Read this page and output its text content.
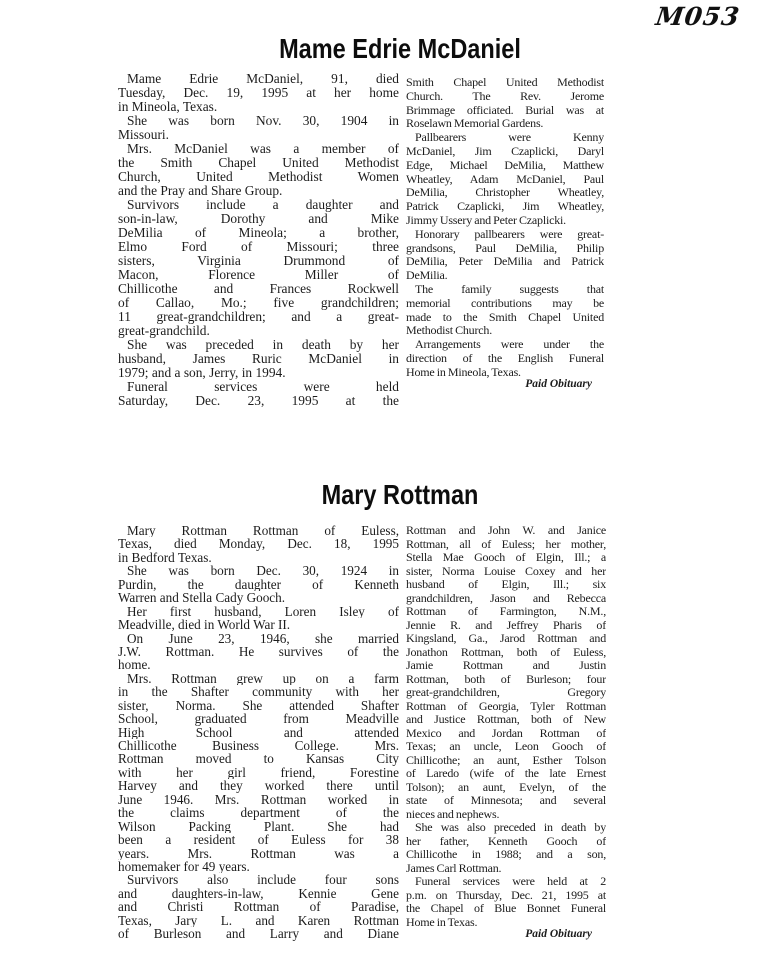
M053
Mame Edrie McDaniel
Mame Edrie McDaniel, 91, died
Tuesday, Dec. 19, 1995 at her home
in Mineola, Texas.
She was born Nov. 30, 1904 in
Missouri.
Mrs. McDaniel was a member of
the Smith Chapel United Methodist
Church, United Methodist Women
and the Pray and Share Group.
Survivors include a daughter and
son-in-law, Dorothy and Mike
DeMilia of Mineola; a brother,
Elmo Ford of Missouri; three
sisters, Virginia Drummond of
Macon, Florence Miller of
Chillicothe and Frances Rockwell
of Callao, Mo.; five grandchildren;
11 great-grandchildren; and a great-
great-grandchild.
She was preceded in death by her
husband, James Ruric McDaniel in
1979; and a son, Jerry, in 1994.
Funeral services were held
Saturday, Dec. 23, 1995 at the
Smith Chapel United Methodist
Church. The Rev. Jerome
Brimmage officiated. Burial was at
Roselawn Memorial Gardens.
Pallbearers were Kenny
McDaniel, Jim Czaplicki, Daryl
Edge, Michael DeMilia, Matthew
Wheatley, Adam McDaniel, Paul
DeMilia, Christopher Wheatley,
Patrick Czaplicki, Jim Wheatley,
Jimmy Ussery and Peter Czaplicki.
Honorary pallbearers were great-
grandsons, Paul DeMilia, Philip
DeMilia, Peter DeMilia and Patrick
DeMilia.
The family suggests that
memorial contributions may be
made to the Smith Chapel United
Methodist Church.
Arrangements were under the
direction of the English Funeral
Home in Mineola, Texas.
Paid Obituary
Mary Rottman
Mary Rottman Rottman of Euless,
Texas, died Monday, Dec. 18, 1995
in Bedford Texas.
She was born Dec. 30, 1924 in
Purdin, the daughter of Kenneth
Warren and Stella Cady Gooch.
Her first husband, Loren Isley of
Meadville, died in World War II.
On June 23, 1946, she married
J.W. Rottman. He survives of the
home.
Mrs. Rottman grew up on a farm
in the Shafter community with her
sister, Norma. She attended Shafter
School, graduated from Meadville
High School and attended
Chillicothe Business College. Mrs.
Rottman moved to Kansas City
with her girl friend, Forestine
Harvey and they worked there until
June 1946. Mrs. Rottman worked in
the claims department of the
Wilson Packing Plant. She had
been a resident of Euless for 38
years. Mrs. Rottman was a
homemaker for 49 years.
Survivors also include four sons
and daughters-in-law, Kennie Gene
and Christi Rottman of Paradise,
Texas, Jary L. and Karen Rottman
of Burleson and Larry and Diane
Rottman and John W. and Janice
Rottman, all of Euless; her mother,
Stella Mae Gooch of Elgin, Ill.; a
sister, Norma Louise Coxey and her
husband of Elgin, Ill.; six
grandchildren, Jason and Rebecca
Rottman of Farmington, N.M.,
Jennie R. and Jeffrey Pharis of
Kingsland, Ga., Jarod Rottman and
Jonathon Rottman, both of Euless,
Jamie Rottman and Justin
Rottman, both of Burleson; four
great-grandchildren, Gregory
Rottman of Georgia, Tyler Rottman
and Justice Rottman, both of New
Mexico and Jordan Rottman of
Texas; an uncle, Leon Gooch of
Chillicothe; an aunt, Esther Tolson
of Laredo (wife of the late Ernest
Tolson); an aunt, Evelyn, of the
state of Minnesota; and several
nieces and nephews.
She was also preceded in death by
her father, Kenneth Gooch of
Chillicothe in 1988; and a son,
James Carl Rottman.
Funeral services were held at 2
p.m. on Thursday, Dec. 21, 1995 at
the Chapel of Blue Bonnet Funeral
Home in Texas.
Paid Obituary
